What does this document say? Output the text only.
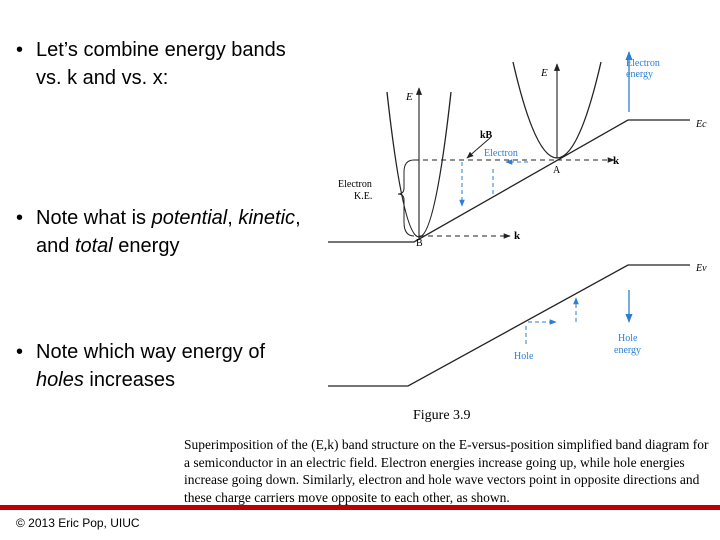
• Let’s combine energy bands vs. k and vs. x:
• Note what is potential, kinetic, and total energy
• Note which way energy of holes increases
E
E
k
k
A
B
kB
Electron
Electron
K.E.
Electron
energy
Ec
Ev
Hole
Hole
energy
Figure 3.9

Superimposition of the (E,k) band structure on the E-versus-position simplified band diagram for a semiconductor in an electric field. Electron energies increase going up, while hole energies increase going down. Similarly, electron and hole wave vectors point in opposite directions and these charge carriers move opposite to each other, as shown.

© 2013 Eric Pop, UIUC
